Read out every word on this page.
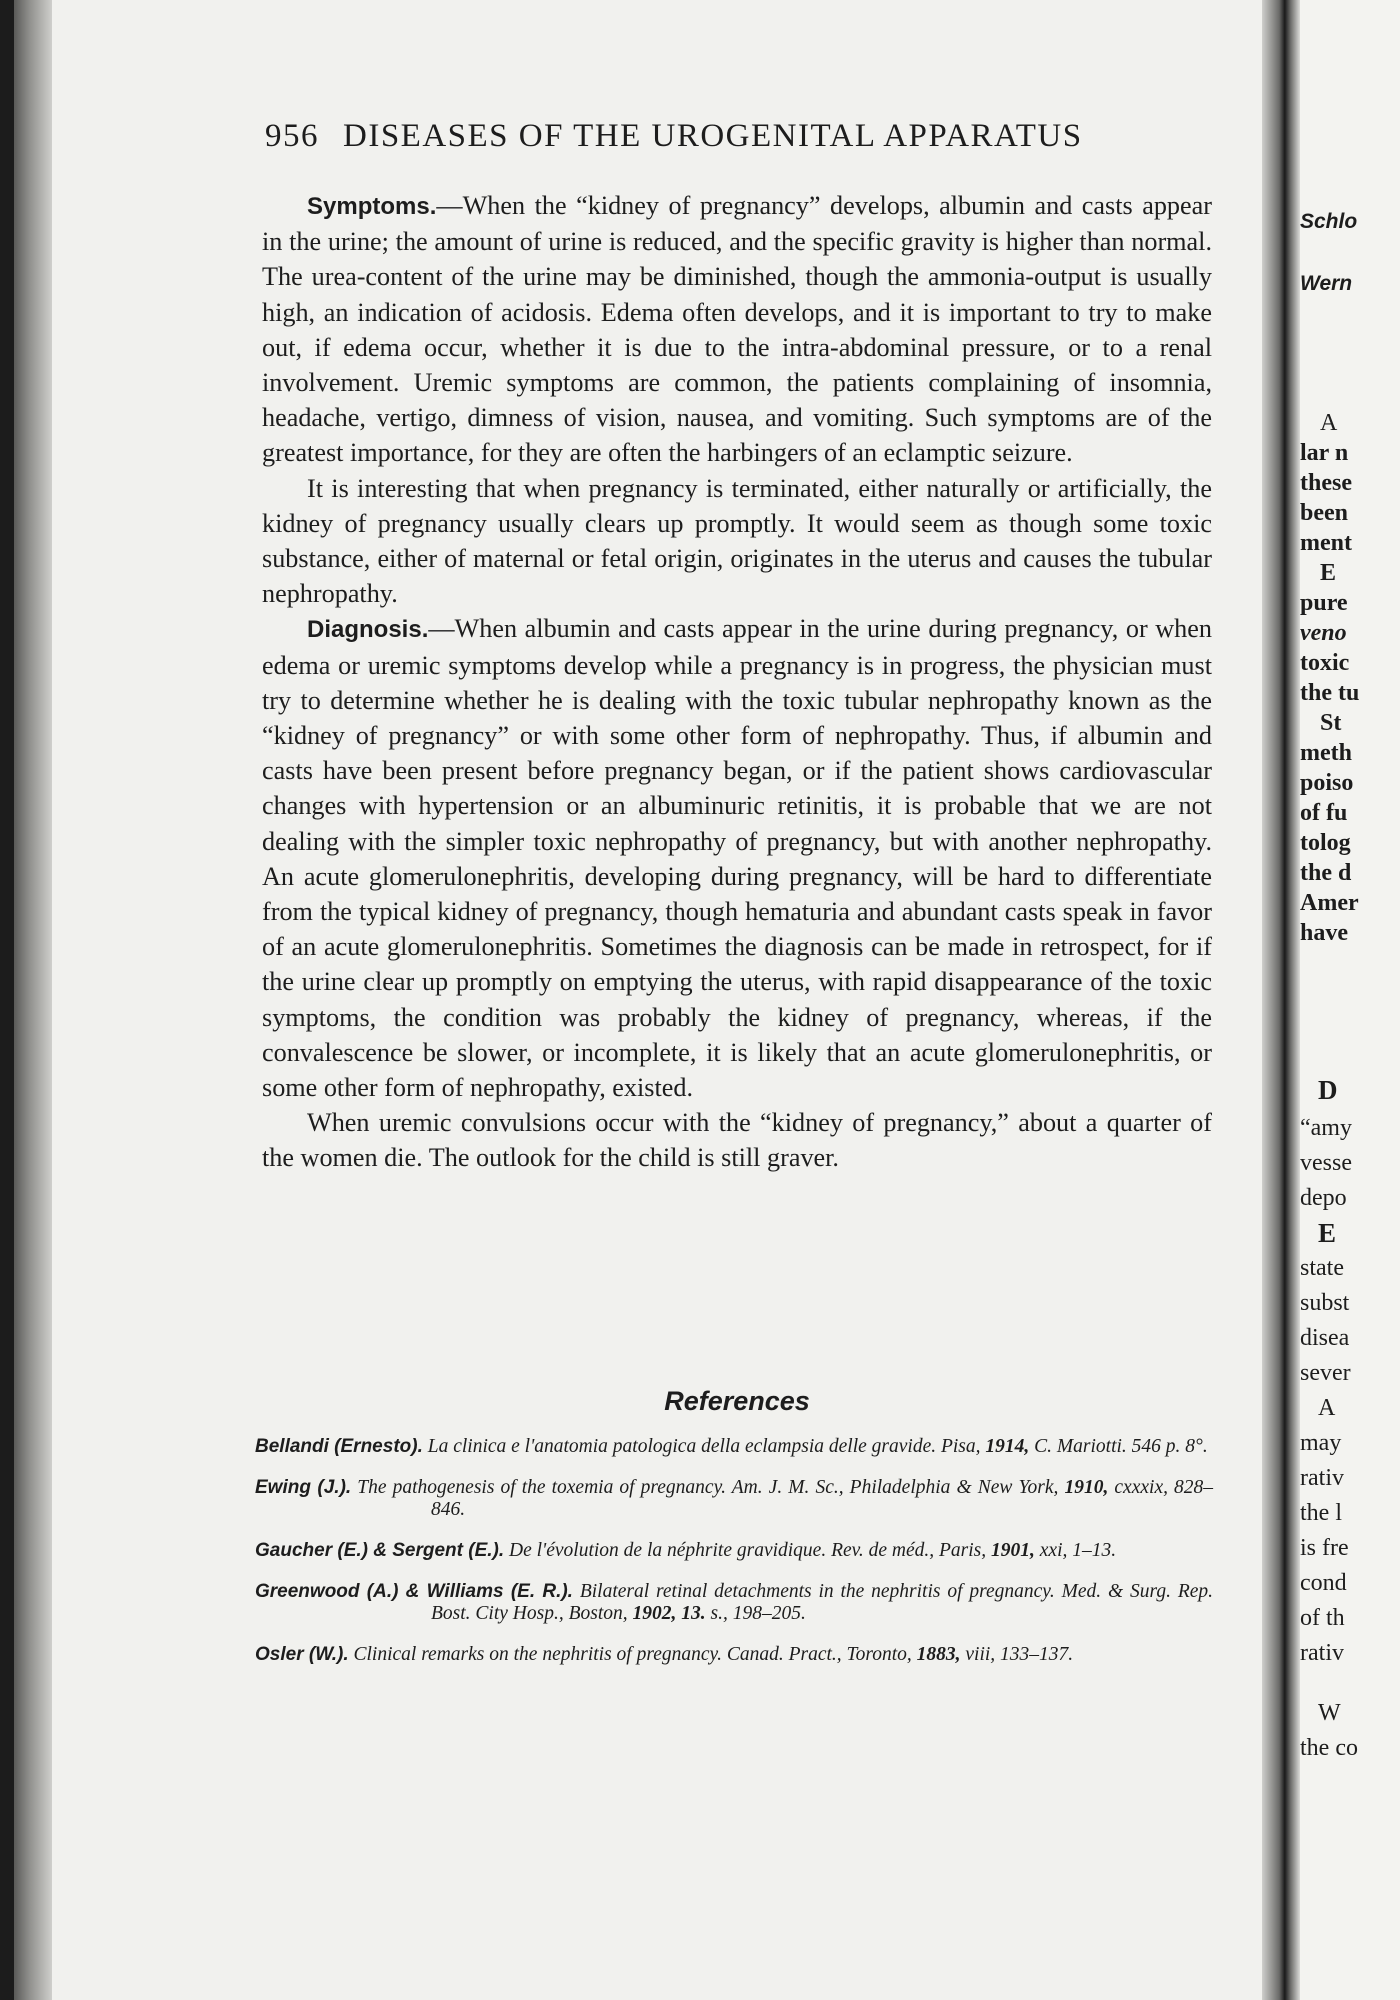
956 DISEASES OF THE UROGENITAL APPARATUS

Symptoms.—When the “kidney of pregnancy” develops, albumin and casts appear in the urine; the amount of urine is reduced, and the specific gravity is higher than normal. The urea-content of the urine may be diminished, though the ammonia-output is usually high, an indication of acidosis. Edema often develops, and it is important to try to make out, if edema occur, whether it is due to the intra-abdominal pressure, or to a renal involvement. Uremic symptoms are common, the patients complaining of insomnia, headache, vertigo, dimness of vision, nausea, and vomiting. Such symptoms are of the greatest importance, for they are often the harbingers of an eclamptic seizure.

It is interesting that when pregnancy is terminated, either naturally or artificially, the kidney of pregnancy usually clears up promptly. It would seem as though some toxic substance, either of maternal or fetal origin, originates in the uterus and causes the tubular nephropathy.

Diagnosis.—When albumin and casts appear in the urine during pregnancy, or when edema or uremic symptoms develop while a pregnancy is in progress, the physician must try to determine whether he is dealing with the toxic tubular nephropathy known as the “kidney of pregnancy” or with some other form of nephropathy. Thus, if albumin and casts have been present before pregnancy began, or if the patient shows cardiovascular changes with hypertension or an albuminuric retinitis, it is probable that we are not dealing with the simpler toxic nephropathy of pregnancy, but with another nephropathy. An acute glomerulonephritis, developing during pregnancy, will be hard to differentiate from the typical kidney of pregnancy, though hematuria and abundant casts speak in favor of an acute glomerulonephritis. Sometimes the diagnosis can be made in retrospect, for if the urine clear up promptly on emptying the uterus, with rapid disappearance of the toxic symptoms, the condition was probably the kidney of pregnancy, whereas, if the convalescence be slower, or incomplete, it is likely that an acute glomerulonephritis, or some other form of nephropathy, existed.

When uremic convulsions occur with the “kidney of pregnancy,” about a quarter of the women die. The outlook for the child is still graver.

References
Bellandi (Ernesto). La clinica e l'anatomia patologica della eclampsia delle gravide. Pisa, 1914, C. Mariotti. 546 p. 8°.
Ewing (J.). The pathogenesis of the toxemia of pregnancy. Am. J. M. Sc., Philadelphia & New York, 1910, cxxxix, 828–846.
Gaucher (E.) & Sergent (E.). De l'évolution de la néphrite gravidique. Rev. de méd., Paris, 1901, xxi, 1–13.
Greenwood (A.) & Williams (E. R.). Bilateral retinal detachments in the nephritis of pregnancy. Med. & Surg. Rep. Bost. City Hosp., Boston, 1902, 13. s., 198–205.
Osler (W.). Clinical remarks on the nephritis of pregnancy. Canad. Pract., Toronto, 1883, viii, 133–137.
Schlo
Wern
A
lar n
these
been
ment
E
pure
veno
toxic
the tu
St
meth
poiso
of fu
tolog
the d
Amer
have
D
“amy
vesse
depo
E
state
subst
disea
sever
A
may
rativ
the l
is fre
cond
of th
rativ
W
the co
